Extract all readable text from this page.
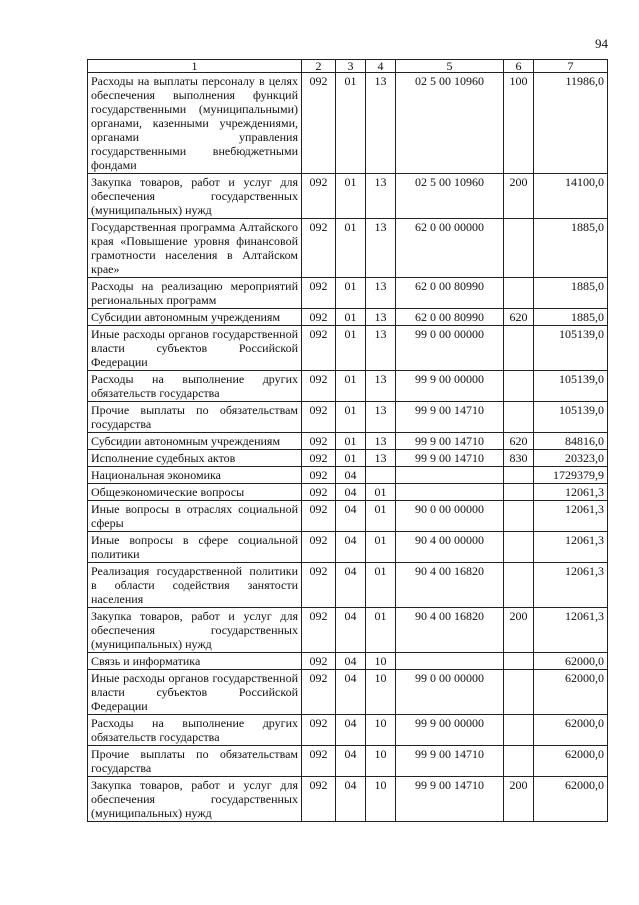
94
1	2	3	4	5	6	7
Расходы на выплаты персоналу в целях обеспечения выполнения функций государственными (муниципальными) органами, казенными учреждениями, органами управления государственными внебюджетными фондами	092	01	13	02 5 00 10960	100	11986,0
Закупка товаров, работ и услуг для обеспечения государственных (муниципальных) нужд	092	01	13	02 5 00 10960	200	14100,0
Государственная программа Алтайского края «Повышение уровня финансовой грамотности населения в Алтайском крае»	092	01	13	62 0 00 00000		1885,0
Расходы на реализацию мероприятий региональных программ	092	01	13	62 0 00 80990		1885,0
Субсидии автономным учреждениям	092	01	13	62 0 00 80990	620	1885,0
Иные расходы органов государственной власти субъектов Российской Федерации	092	01	13	99 0 00 00000		105139,0
Расходы на выполнение других обязательств государства	092	01	13	99 9 00 00000		105139,0
Прочие выплаты по обязательствам государства	092	01	13	99 9 00 14710		105139,0
Субсидии автономным учреждениям	092	01	13	99 9 00 14710	620	84816,0
Исполнение судебных актов	092	01	13	99 9 00 14710	830	20323,0
Национальная экономика	092	04				1729379,9
Общеэкономические вопросы	092	04	01			12061,3
Иные вопросы в отраслях социальной сферы	092	04	01	90 0 00 00000		12061,3
Иные вопросы в сфере социальной политики	092	04	01	90 4 00 00000		12061,3
Реализация государственной политики в области содействия занятости населения	092	04	01	90 4 00 16820		12061,3
Закупка товаров, работ и услуг для обеспечения государственных (муниципальных) нужд	092	04	01	90 4 00 16820	200	12061,3
Связь и информатика	092	04	10			62000,0
Иные расходы органов государственной власти субъектов Российской Федерации	092	04	10	99 0 00 00000		62000,0
Расходы на выполнение других обязательств государства	092	04	10	99 9 00 00000		62000,0
Прочие выплаты по обязательствам государства	092	04	10	99 9 00 14710		62000,0
Закупка товаров, работ и услуг для обеспечения государственных (муниципальных) нужд	092	04	10	99 9 00 14710	200	62000,0
